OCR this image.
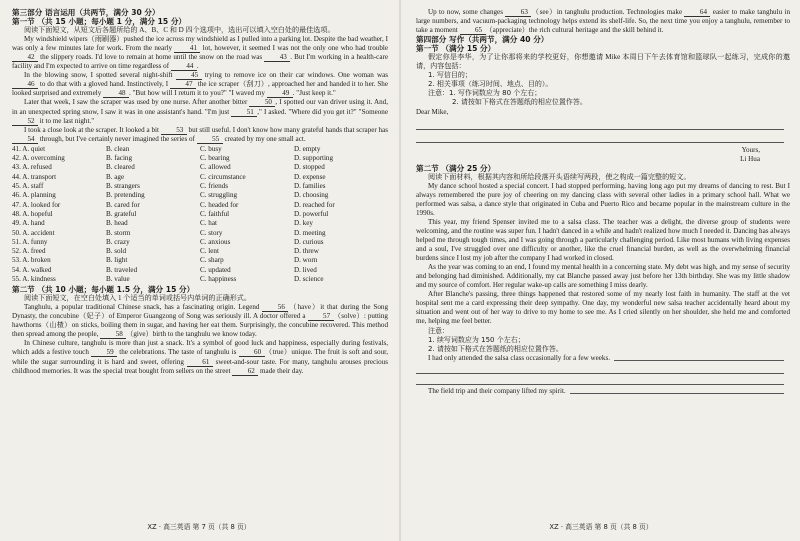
第三部分 语言运用（共两节，满分 30 分）
第一节 （共 15 小题；每小题 1 分，满分 15 分）

阅读下面短文，从短文后各题所给的 A、B、C 和 D 四个选项中，选出可以填入空白处的最佳选项。

My windshield wipers（雨刷器）pushed the ice across my windshield as I pulled into a parking lot. Despite the bad weather, I was only a few minutes late for work. From the nearly 41 lot, however, it seemed I was not the only one who had trouble 42 the slippery roads. I'd love to remain at home until the snow on the road was 43 . But I'm working in a health-care facility and I'm expected to arrive on time regardless of 44 .

In the blowing snow, I spotted several night-shift 45 trying to remove ice on their car windows. One woman was 46 to do that with a gloved hand. Instinctively, I 47 the ice scraper（刮刀）, approached her and handed it to her. She looked surprised and extremely 48 . "But how will I return it to you?" "I waved my 49 . "Just keep it."

Later that week, I saw the scraper was used by one nurse. After another bitter 50 , I spotted our van driver using it. And, in an unexpected spring snow, I saw it was in one assistant's hand. "I'm just 51 ," I asked. "Where did you get it?" "Someone 52 it to me last night."

I took a close look at the scraper. It looked a bit 53 but still useful. I don't know how many grateful hands that scraper has 54 through, but I've certainly never imagined the series of 55 created by my one small act.

41. A. quiet	B. clean	C. busy	D. empty
42. A. overcoming	B. facing	C. bearing	D. supporting
43. A. refused	B. cleared	C. allowed	D. stopped
44. A. transport	B. age	C. circumstance	D. expense
45. A. staff	B. strangers	C. friends	D. families
46. A. planning	B. pretending	C. struggling	D. choosing
47. A. looked for	B. cared for	C. headed for	D. reached for
48. A. hopeful	B. grateful	C. faithful	D. powerful
49. A. hand	B. head	C. hat	D. key
50. A. accident	B. storm	C. story	D. meeting
51. A. funny	B. crazy	C. anxious	D. curious
52. A. freed	B. sold	C. lent	D. threw
53. A. broken	B. light	C. sharp	D. worn
54. A. walked	B. traveled	C. updated	D. lived
55. A. kindness	B. value	C. happiness	D. science
第二节 （共 10 小题；每小题 1.5 分，满分 15 分）

阅读下面短文，在空白处填入 1 个适当的单词或括号内单词的正确形式。

Tanghulu, a popular traditional Chinese snack, has a fascinating origin. Legend 56 （have）it that during the Song Dynasty, the concubine（妃子）of Emperor Guangzong of Song was seriously ill. A doctor offered a 57 （solve）: putting hawthorns（山楂）on sticks, boiling them in sugar, and having her eat them. Surprisingly, the concubine recovered. This method then spread among the people, 58 （give）birth to the tanghulu we know today.

In Chinese culture, tanghulu is more than just a snack. It's a symbol of good luck and happiness, especially during festivals, which adds a festive touch 59 the celebrations. The taste of tanghulu is 60 （true）unique. The fruit is soft and sour, while the sugar surrounding it is hard and sweet, offering 61 sweet-and-sour taste. For many, tanghulu arouses precious childhood memories. It was the special treat bought from sellers on the street 62 made their day.

XZ · 高三英语 第 7 页（共 8 页）

Up to now, some changes 63 （see）in tanghulu production. Technologies make 64 easier to make tanghulu in large numbers, and vacuum-packaging technology helps extend its shelf-life. So, the next time you enjoy a tanghulu, remember to take a moment 65 （appreciate）the rich cultural heritage and the skill behind it.

第四部分 写作（共两节，满分 40 分）
第一节 （满分 15 分）

假定你是李华，为了让你那将来的学校更好，你想邀请 Mike 本周日下午去体育馆和篮球队一起练习，完成你的邀请，内容包括：

1. 写信目的；
2. 相关事项（练习时间、地点、目的）。
注意：1. 写作词数应为 80 个左右；
2. 请按如下格式在答题纸的相应位置作答。
Dear Mike,
Yours,
Li Hua
第二节 （满分 25 分）

阅读下面材料，根据其内容和所给段落开头语续写两段，使之构成一篇完整的短文。

My dance school hosted a special concert. I had stopped performing, having long ago put my dreams of dancing to rest. But I always remembered the pure joy of cheering on my dancing class with several other ladies in a primary school hall. What we performed was salsa, a dance style that originated in Cuba and Puerto Rico and became popular in the mainstream culture in the 1990s.

This year, my friend Spenser invited me to a salsa class. The teacher was a delight, the diverse group of students were welcoming, and the routine was super fun. I hadn't danced in a while and hadn't realized how much I needed it. Dancing has always helped me through tough times, and I was going through a particularly challenging period. Like most humans with living expenses and a soul, I've struggled over one difficulty or another, like the cruel financial burden, as well as the overwhelming financial burdens since I lost my job after the company I had worked in closed.

As the year was coming to an end, I found my mental health in a concerning state. My debt was high, and my sense of security and belonging had diminished. Additionally, my cat Blanche passed away just before her 13th birthday. She was my little shadow and my source of comfort. Her regular wake-up calls are something I miss dearly.

After Blanche's passing, three things happened that restored some of my nearly lost faith in humanity. The staff at the vet hospital sent me a card expressing their deep sympathy. One day, my wonderful new salsa teacher accidentally heard about my situation and went out of her way to drive to my home to see me. As I cried silently on her shoulder, she held me and comforted me, helping me feel better.

注意：
1. 续写词数应为 150 个左右；
2. 请按如下格式在答题纸的相应位置作答。
I had only attended the salsa class occasionally for a few weeks.
The field trip and their company lifted my spirit.
XZ · 高三英语 第 8 页（共 8 页）
